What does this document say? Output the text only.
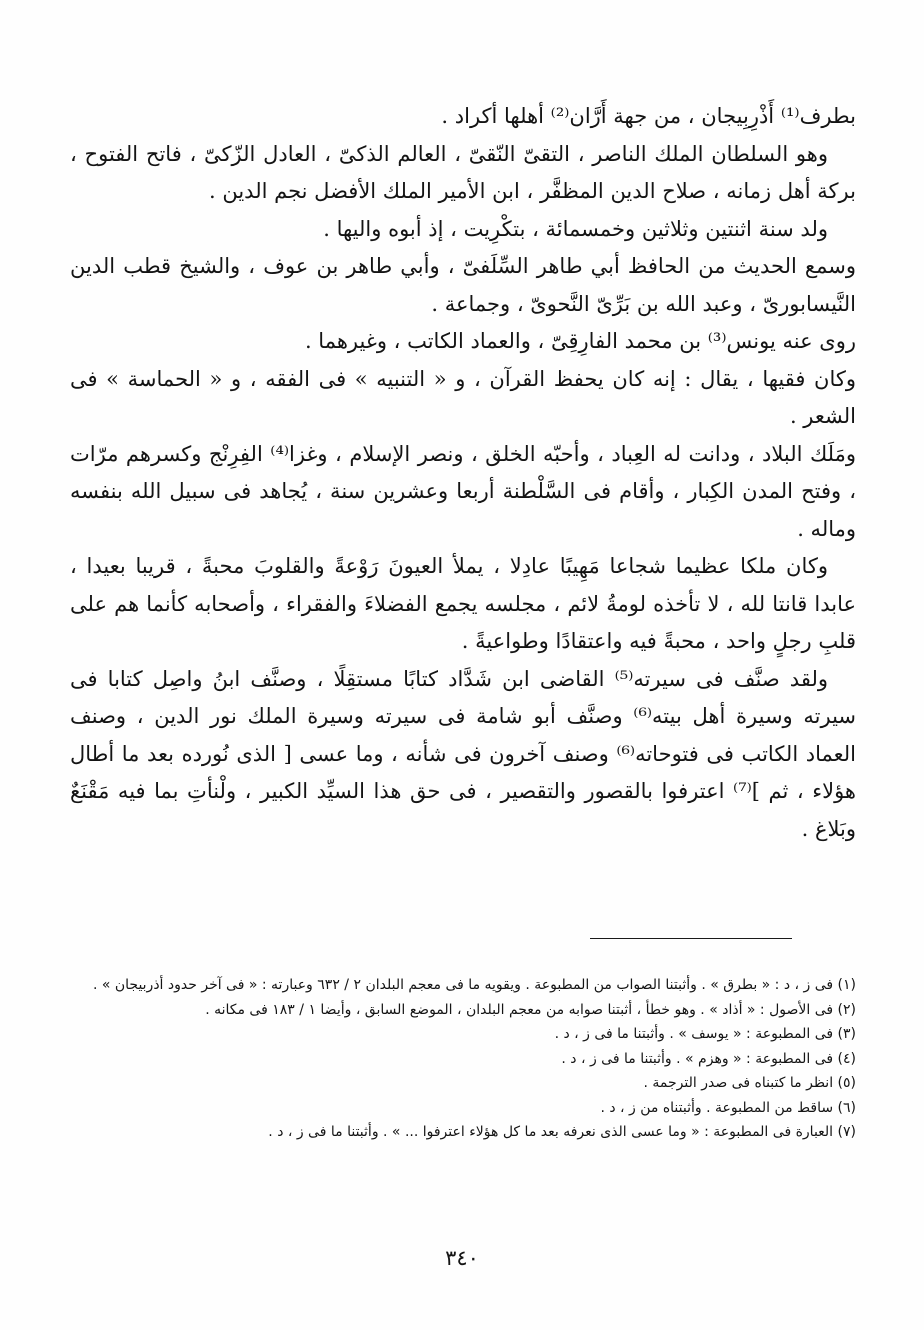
بطرف⁽¹⁾ أَذْرِبِيجان ، من جهة أَرَّان⁽²⁾ أهلها أكراد .

وهو السلطان الملك الناصر ، التقىّ النّقىّ ، العالم الذكىّ ، العادل الزّكىّ ، فاتح الفتوح ، بركة أهل زمانه ، صلاح الدين المظفَّر ، ابن الأمير الملك الأفضل نجم الدين .

ولد سنة اثنتين وثلاثين وخمسمائة ، بتكْرِيت ، إذ أبوه واليها .

وسمع الحديث من الحافظ أبي طاهر السِّلَفىّ ، وأبي طاهر بن عوف ، والشيخ قطب الدين النَّيسابورىّ ، وعبد الله بن بَرِّىّ النَّحوىّ ، وجماعة .

روى عنه يونس⁽³⁾ بن محمد الفارِقِىّ ، والعماد الكاتب ، وغيرهما .

وكان فقيها ، يقال : إنه كان يحفظ القرآن ، و « التنبيه » فى الفقه ، و « الحماسة » فى الشعر .

ومَلَك البلاد ، ودانت له العِباد ، وأحبّه الخلق ، ونصر الإسلام ، وغزا⁽⁴⁾ الفِرِنْج وكسرهم مرّات ، وفتح المدن الكِبار ، وأقام فى السَّلْطنة أربعا وعشرين سنة ، يُجاهد فى سبيل الله بنفسه وماله .

وكان ملكا عظيما شجاعا مَهِيبًا عادِلا ، يملأ العيونَ رَوْعةً والقلوبَ محبةً ، قريبا بعيدا ، عابدا قانتا لله ، لا تأخذه لومةُ لائم ، مجلسه يجمع الفضلاءَ والفقراء ، وأصحابه كأنما هم على قلبِ رجلٍ واحد ، محبةً فيه واعتقادًا وطواعيةً .

ولقد صنَّف فى سيرته⁽⁵⁾ القاضى ابن شَدَّاد كتابًا مستقِلًا ، وصنَّف ابنُ واصِل كتابا فى سيرته وسيرة أهل بيته⁽⁶⁾ وصنَّف أبو شامة فى سيرته وسيرة الملك نور الدين ، وصنف العماد الكاتب فى فتوحاته⁽⁶⁾ وصنف آخرون فى شأنه ، وما عسى [ الذى نُورده بعد ما أطال هؤلاء ، ثم ]⁽⁷⁾ اعترفوا بالقصور والتقصير ، فى حق هذا السيِّد الكبير ، ولْنأتِ بما فيه مَقْنَعٌ وبَلاغ .

(١) فى ز ، د : « بطرق » . وأثبتنا الصواب من المطبوعة . ويقويه ما فى معجم البلدان ٢ / ٦٣٢ وعبارته : « فى آخر حدود أذربيجان » .

(٢) فى الأصول : « أذاد » . وهو خطأ ، أثبتنا صوابه من معجم البلدان ، الموضع السابق ، وأيضا ١ / ١٨٣ فى مكانه .

(٣) فى المطبوعة : « يوسف » . وأثبتنا ما فى ز ، د .

(٤) فى المطبوعة : « وهزم » . وأثبتنا ما فى ز ، د .

(٥) انظر ما كتبناه فى صدر الترجمة .

(٦) ساقط من المطبوعة . وأثبتناه من ز ، د .

(٧) العبارة فى المطبوعة : « وما عسى الذى نعرفه بعد ما كل هؤلاء اعترفوا ... » . وأثبتنا ما فى ز ، د .

٣٤٠
